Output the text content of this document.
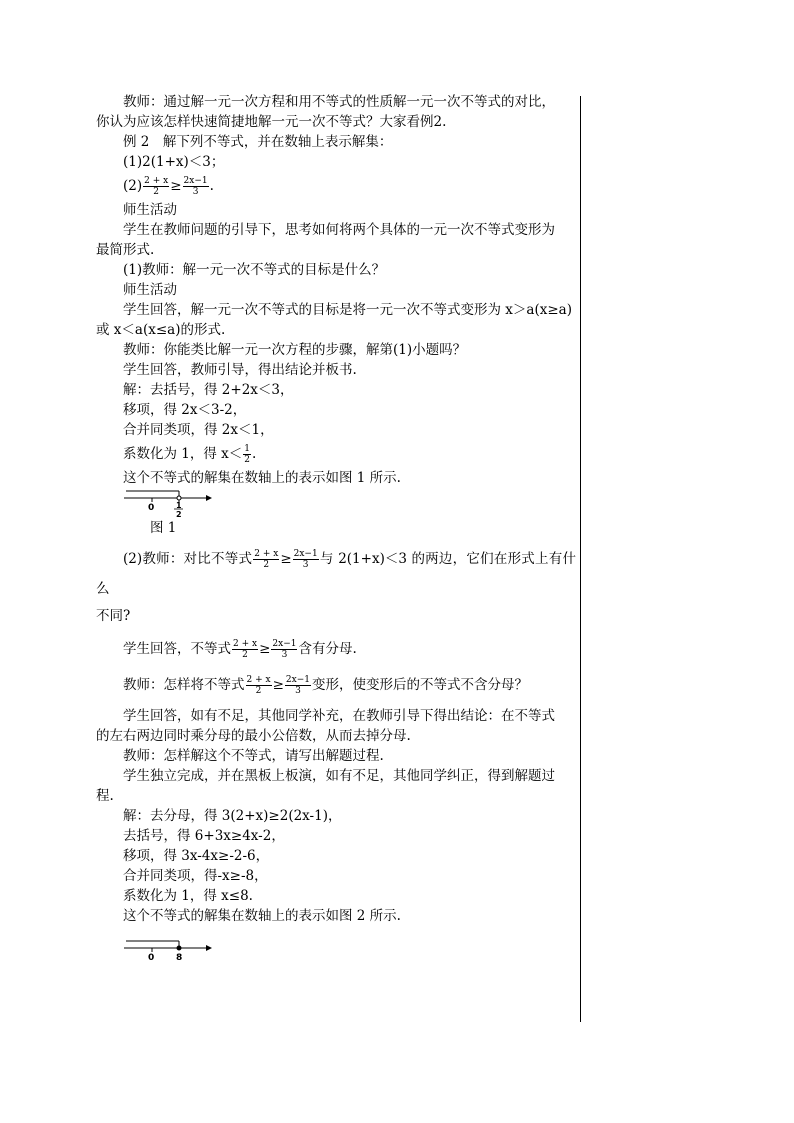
教师：通过解一元一次方程和用不等式的性质解一元一次不等式的对比，

你认为应该怎样快速简捷地解一元一次不等式？大家看例2.

例 2　解下列不等式，并在数轴上表示解集：

(1)2(1+x)＜3；

$(2) \frac{2 + x}{2} \ge \frac{2x-1}{3}$ .

师生活动

学生在教师问题的引导下，思考如何将两个具体的一元一次不等式变形为

最简形式.

(1)教师：解一元一次不等式的目标是什么？

师生活动

学生回答，解一元一次不等式的目标是将一元一次不等式变形为 x＞a(x≥a)

或 x＜a(x≤a)的形式.

教师：你能类比解一元一次方程的步骤，解第(1)小题吗？

学生回答，教师引导，得出结论并板书.

解：去括号，得 2+2x＜3，

移项，得 2x＜3-2，

合并同类项，得 2x＜1，

系数化为 1，得 $x< \frac{1}{2}$ .

这个不等式的解集在数轴上的表示如图 1 所示.

0	1
2

图 1

(2)教师：对比不等式 $\frac{2 + x}{2} \ge \frac{2x-1}{3}$ 与 2(1+x)＜3 的两边，它们在形式上有什么

不同?

学生回答，不等式 $\frac{2 + x}{2} \ge \frac{2x-1}{3}$ 含有分母.

教师：怎样将不等式 $\frac{2 + x}{2} \ge \frac{2x-1}{3}$ 变形，使变形后的不等式不含分母？

学生回答，如有不足，其他同学补充，在教师引导下得出结论：在不等式

的左右两边同时乘分母的最小公倍数，从而去掉分母.

教师：怎样解这个不等式，请写出解题过程.

学生独立完成，并在黑板上板演，如有不足，其他同学纠正，得到解题过

程.

解：去分母，得 3(2+x)≥2(2x-1)，

去括号，得 6+3x≥4x-2，

移项，得 3x-4x≥-2-6，

合并同类项，得-x≥-8，

系数化为 1，得 x≤8.

这个不等式的解集在数轴上的表示如图 2 所示.

0 8
